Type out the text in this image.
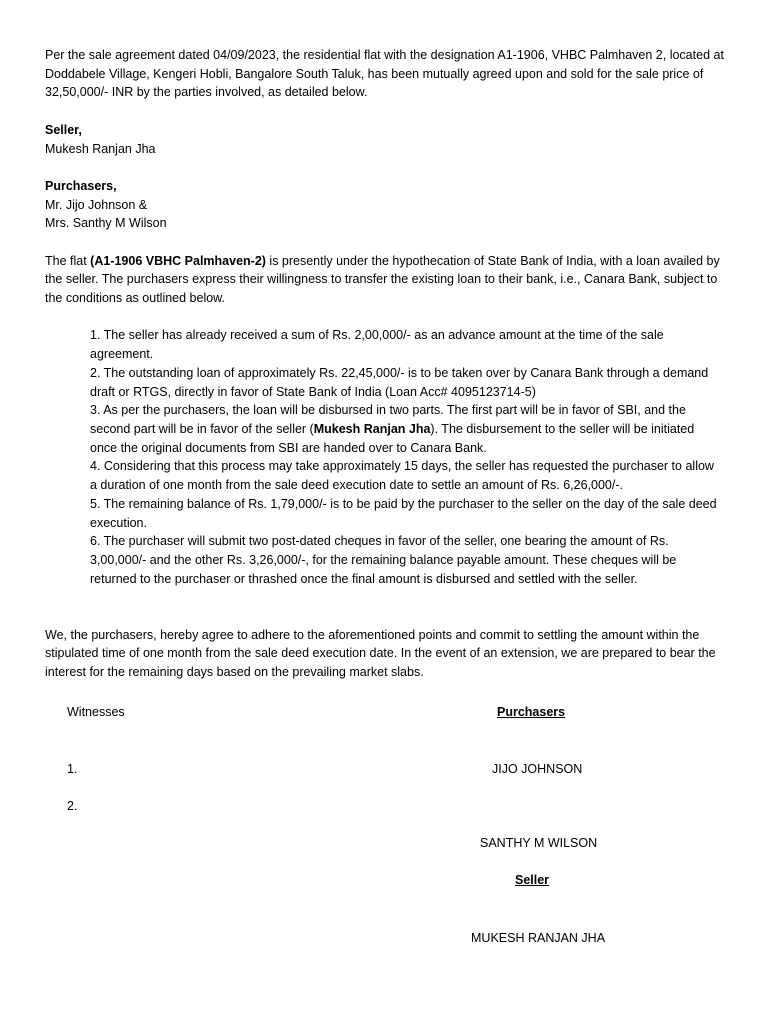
Per the sale agreement dated 04/09/2023, the residential flat with the designation A1-1906, VHBC Palmhaven 2, located at Doddabele Village, Kengeri Hobli, Bangalore South Taluk, has been mutually agreed upon and sold for the sale price of 32,50,000/- INR by the parties involved, as detailed below.

Seller,

Mukesh Ranjan Jha

Purchasers,

Mr. Jijo Johnson &

Mrs. Santhy M Wilson

The flat (A1-1906 VBHC Palmhaven-2) is presently under the hypothecation of State Bank of India, with a loan availed by the seller. The purchasers express their willingness to transfer the existing loan to their bank, i.e., Canara Bank, subject to the conditions as outlined below.

1. The seller has already received a sum of Rs. 2,00,000/- as an advance amount at the time of the sale agreement.

2. The outstanding loan of approximately Rs. 22,45,000/- is to be taken over by Canara Bank through a demand draft or RTGS, directly in favor of State Bank of India (Loan Acc# 4095123714-5)

3. As per the purchasers, the loan will be disbursed in two parts. The first part will be in favor of SBI, and the second part will be in favor of the seller (Mukesh Ranjan Jha). The disbursement to the seller will be initiated once the original documents from SBI are handed over to Canara Bank.

4. Considering that this process may take approximately 15 days, the seller has requested the purchaser to allow a duration of one month from the sale deed execution date to settle an amount of Rs. 6,26,000/-.

5. The remaining balance of Rs. 1,79,000/- is to be paid by the purchaser to the seller on the day of the sale deed execution.

6. The purchaser will submit two post-dated cheques in favor of the seller, one bearing the amount of Rs. 3,00,000/- and the other Rs. 3,26,000/-, for the remaining balance payable amount. These cheques will be returned to the purchaser or thrashed once the final amount is disbursed and settled with the seller.

We, the purchasers, hereby agree to adhere to the aforementioned points and commit to settling the amount within the stipulated time of one month from the sale deed execution date. In the event of an extension, we are prepared to bear the interest for the remaining days based on the prevailing market slabs.

Witnesses
1.
2.
Purchasers
JIJO JOHNSON
SANTHY M WILSON
Seller
MUKESH RANJAN JHA
